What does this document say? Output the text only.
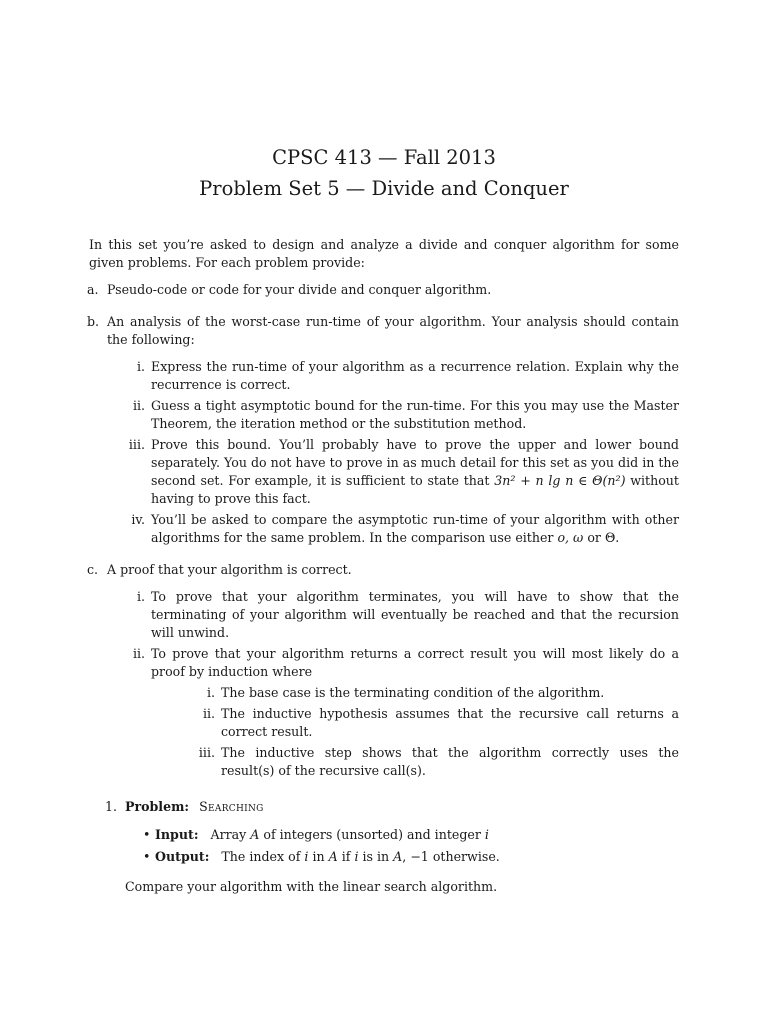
CPSC 413 — Fall 2013
Problem Set 5 — Divide and Conquer

In this set you’re asked to design and analyze a divide and conquer algorithm for some given problems. For each problem provide:

a. Pseudo-code or code for your divide and conquer algorithm.
b. An analysis of the worst-case run-time of your algorithm. Your analysis should contain the following:
i. Express the run-time of your algorithm as a recurrence relation. Explain why the recurrence is correct.
ii. Guess a tight asymptotic bound for the run-time. For this you may use the Master Theorem, the iteration method or the substitution method.
iii. Prove this bound. You’ll probably have to prove the upper and lower bound separately. You do not have to prove in as much detail for this set as you did in the second set. For example, it is sufficient to state that 3n² + n lg n ∈ Θ(n²) without having to prove this fact.
iv. You’ll be asked to compare the asymptotic run-time of your algorithm with other algorithms for the same problem. In the comparison use either o, ω or Θ.
c. A proof that your algorithm is correct.
i. To prove that your algorithm terminates, you will have to show that the terminating of your algorithm will eventually be reached and that the recursion will unwind.
ii. To prove that your algorithm returns a correct result you will most likely do a proof by induction where
i. The base case is the terminating condition of the algorithm.
ii. The inductive hypothesis assumes that the recursive call returns a correct result.
iii. The inductive step shows that the algorithm correctly uses the result(s) of the recursive call(s).
1. Problem: Searching
• Input: Array A of integers (unsorted) and integer i
• Output: The index of i in A if i is in A, −1 otherwise.

Compare your algorithm with the linear search algorithm.
